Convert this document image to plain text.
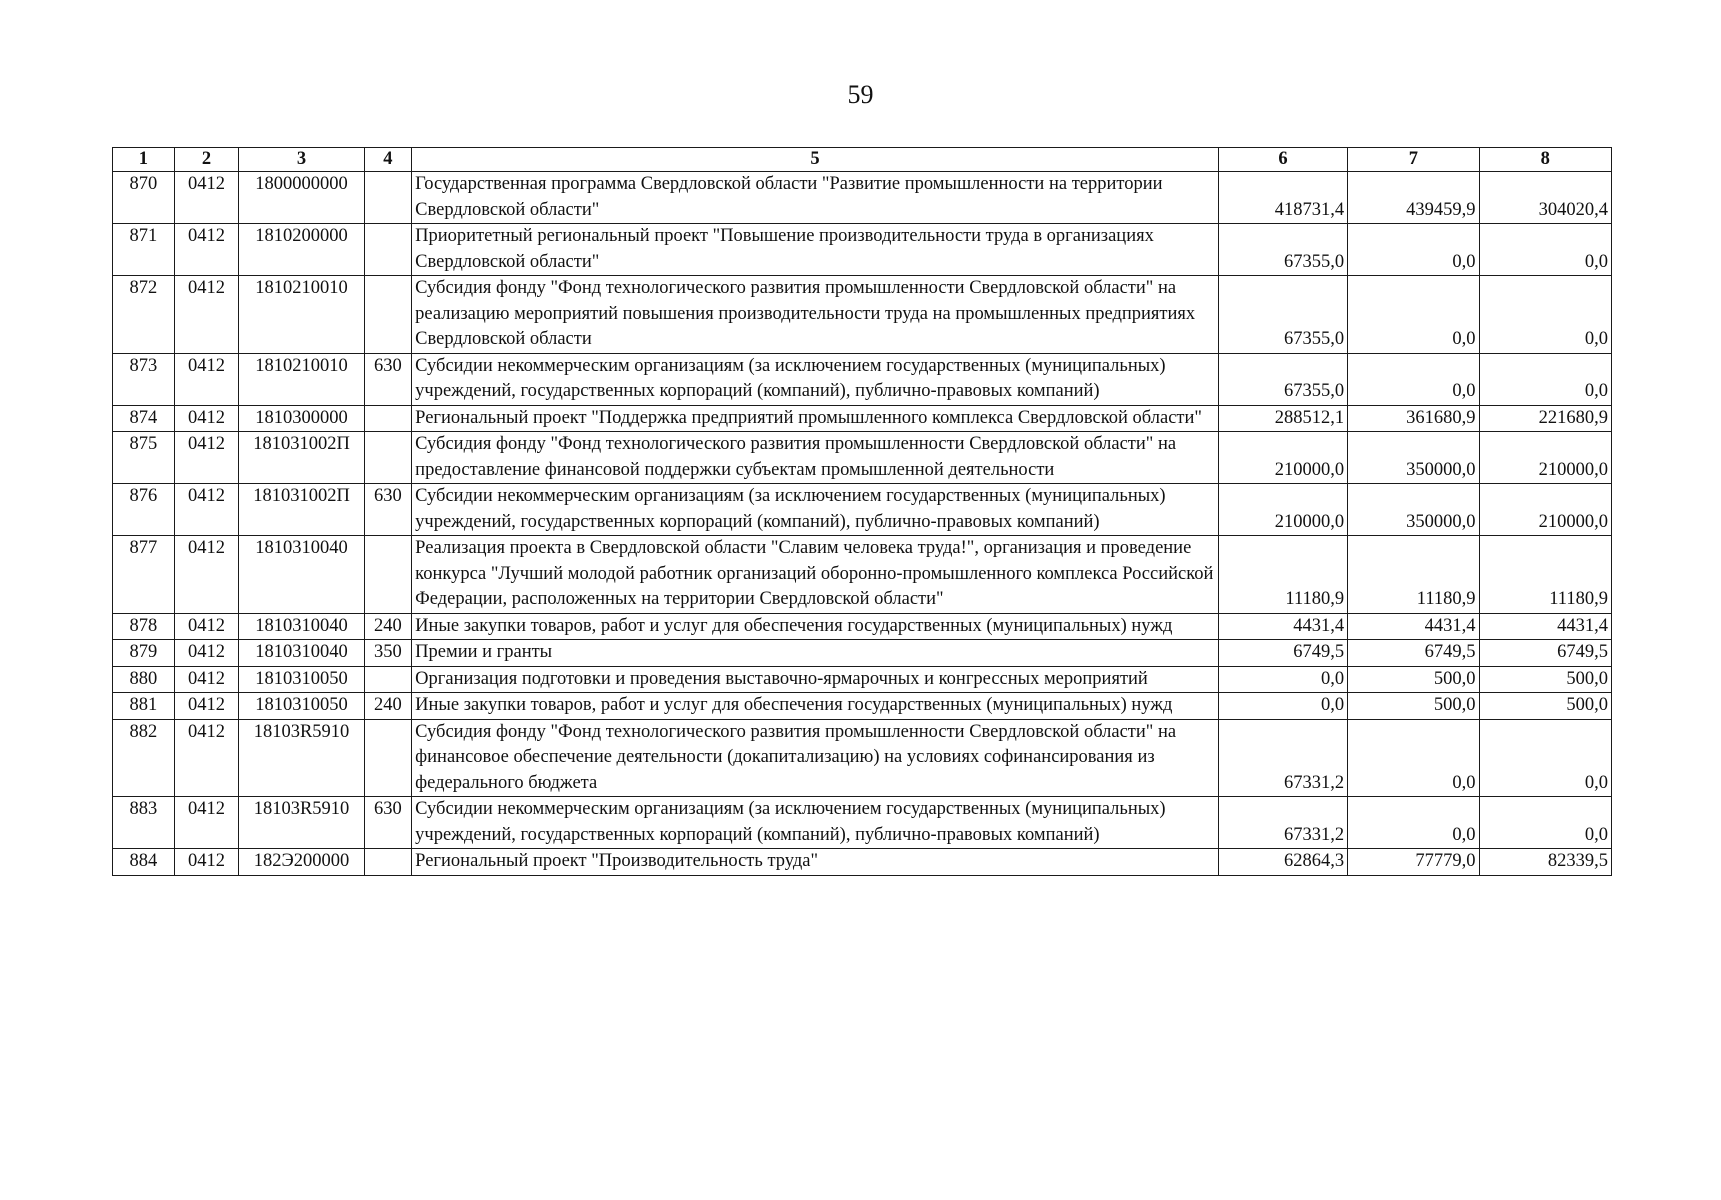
59
1	2	3	4	5	6	7	8
870	0412	1800000000		Государственная программа Свердловской области "Развитие промышленности на территории Свердловской области"	418731,4	439459,9	304020,4
871	0412	1810200000		Приоритетный региональный проект "Повышение производительности труда в организациях Свердловской области"	67355,0	0,0	0,0
872	0412	1810210010		Субсидия фонду "Фонд технологического развития промышленности Свердловской области" на реализацию мероприятий повышения производительности труда на промышленных предприятиях Свердловской области	67355,0	0,0	0,0
873	0412	1810210010	630	Субсидии некоммерческим организациям (за исключением государственных (муниципальных) учреждений, государственных корпораций (компаний), публично-правовых компаний)	67355,0	0,0	0,0
874	0412	1810300000		Региональный проект "Поддержка предприятий промышленного комплекса Свердловской области"	288512,1	361680,9	221680,9
875	0412	181031002П		Субсидия фонду "Фонд технологического развития промышленности Свердловской области" на предоставление финансовой поддержки субъектам промышленной деятельности	210000,0	350000,0	210000,0
876	0412	181031002П	630	Субсидии некоммерческим организациям (за исключением государственных (муниципальных) учреждений, государственных корпораций (компаний), публично-правовых компаний)	210000,0	350000,0	210000,0
877	0412	1810310040		Реализация проекта в Свердловской области "Славим человека труда!", организация и проведение конкурса "Лучший молодой работник организаций оборонно-промышленного комплекса Российской Федерации, расположенных на территории Свердловской области"	11180,9	11180,9	11180,9
878	0412	1810310040	240	Иные закупки товаров, работ и услуг для обеспечения государственных (муниципальных) нужд	4431,4	4431,4	4431,4
879	0412	1810310040	350	Премии и гранты	6749,5	6749,5	6749,5
880	0412	1810310050		Организация подготовки и проведения выставочно-ярмарочных и конгрессных мероприятий	0,0	500,0	500,0
881	0412	1810310050	240	Иные закупки товаров, работ и услуг для обеспечения государственных (муниципальных) нужд	0,0	500,0	500,0
882	0412	18103R5910		Субсидия фонду "Фонд технологического развития промышленности Свердловской области" на финансовое обеспечение деятельности (докапитализацию) на условиях софинансирования из федерального бюджета	67331,2	0,0	0,0
883	0412	18103R5910	630	Субсидии некоммерческим организациям (за исключением государственных (муниципальных) учреждений, государственных корпораций (компаний), публично-правовых компаний)	67331,2	0,0	0,0
884	0412	182Э200000		Региональный проект "Производительность труда"	62864,3	77779,0	82339,5
